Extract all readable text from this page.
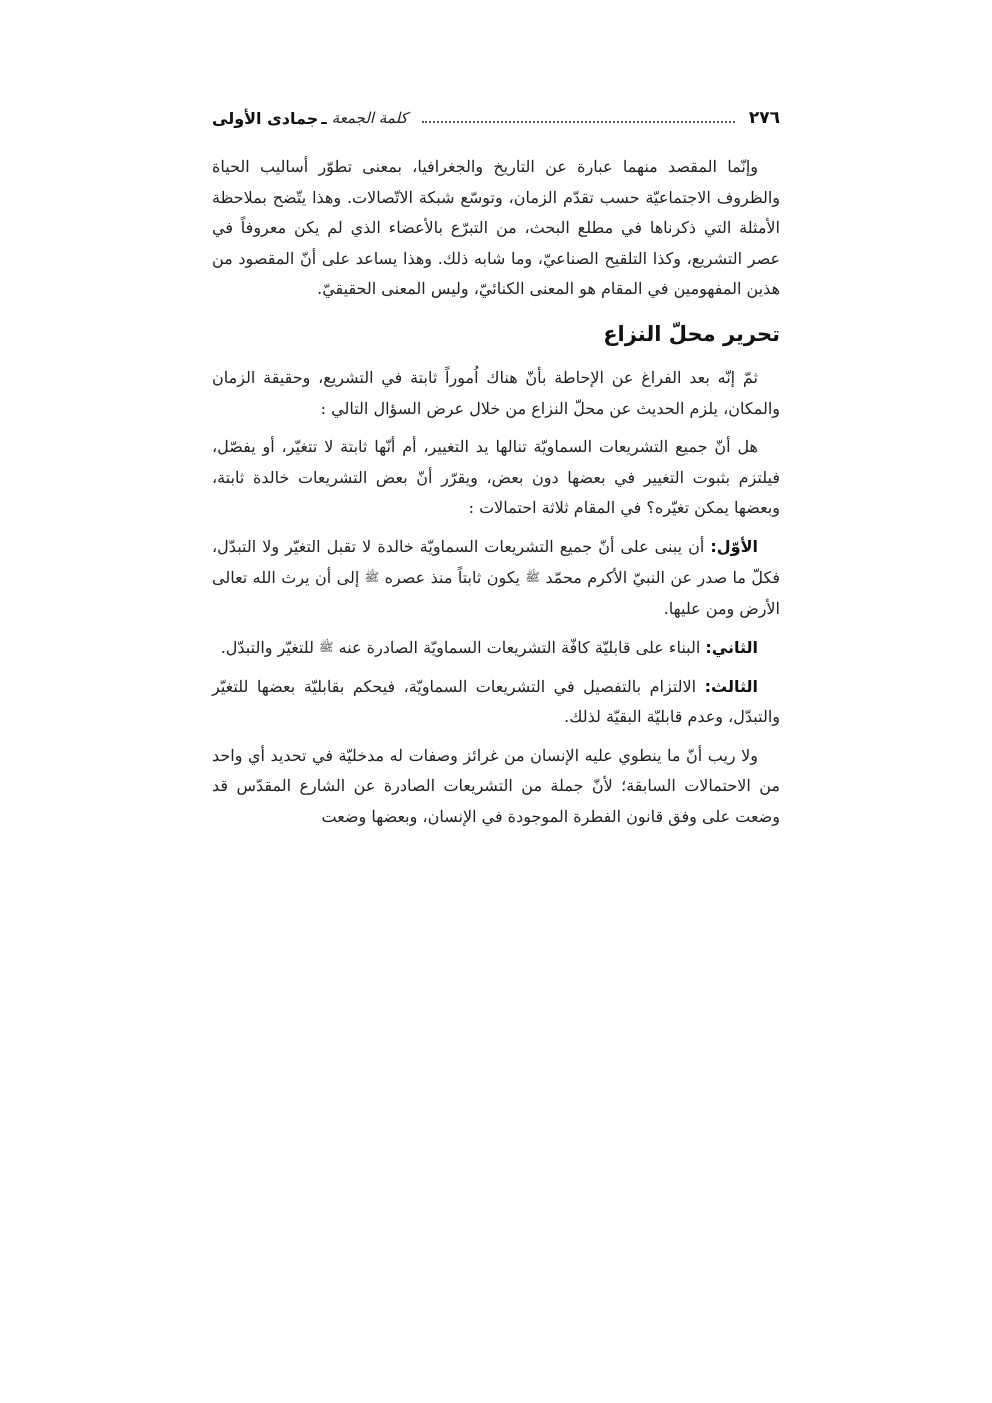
٢٧٦
كلمة الجمعة
ـ
جمادى الأولى

وإنّما المقصد منهما عبارة عن التاريخ والجغرافيا، بمعنى تطوّر أساليب الحياة والظروف الاجتماعيّة حسب تقدّم الزمان، وتوسّع شبكة الاتّصالات. وهذا يتّضح بملاحظة الأمثلة التي ذكرناها في مطلع البحث، من التبرّع بالأعضاء الذي لم يكن معروفاً في عصر التشريع، وكذا التلقيح الصناعيّ، وما شابه ذلك. وهذا يساعد على أنّ المقصود من هذين المفهومين في المقام هو المعنى الكنائيّ، وليس المعنى الحقيقيّ.

تحرير محلّ النزاع

ثمّ إنّه بعد الفراغ عن الإحاطة بأنّ هناك اُموراً ثابتة في التشريع، وحقيقة الزمان والمكان، يلزم الحديث عن محلّ النزاع من خلال عرض السؤال التالي :

هل أنّ جميع التشريعات السماويّة تنالها يد التغيير، أم أنّها ثابتة لا تتغيّر، أو يفصّل، فيلتزم بثبوت التغيير في بعضها دون بعض، ويقرّر أنّ بعض التشريعات خالدة ثابتة، وبعضها يمكن تغيّره؟ في المقام ثلاثة احتمالات :

الأوّل: أن يبنى على أنّ جميع التشريعات السماويّة خالدة لا تقبل التغيّر ولا التبدّل، فكلّ ما صدر عن النبيّ الأكرم محمّد ﷺ يكون ثابتاً منذ عصره ﷺ إلى أن يرث الله تعالى الأرض ومن عليها.

الثاني: البناء على قابليّة كافّة التشريعات السماويّة الصادرة عنه ﷺ للتغيّر والتبدّل.

الثالث: الالتزام بالتفصيل في التشريعات السماويّة، فيحكم بقابليّة بعضها للتغيّر والتبدّل، وعدم قابليّة البقيّة لذلك.

ولا ريب أنّ ما ينطوي عليه الإنسان من غرائز وصفات له مدخليّة في تحديد أي واحد من الاحتمالات السابقة؛ لأنّ جملة من التشريعات الصادرة عن الشارع المقدّس قد وضعت على وفق قانون الفطرة الموجودة في الإنسان، وبعضها وضعت
